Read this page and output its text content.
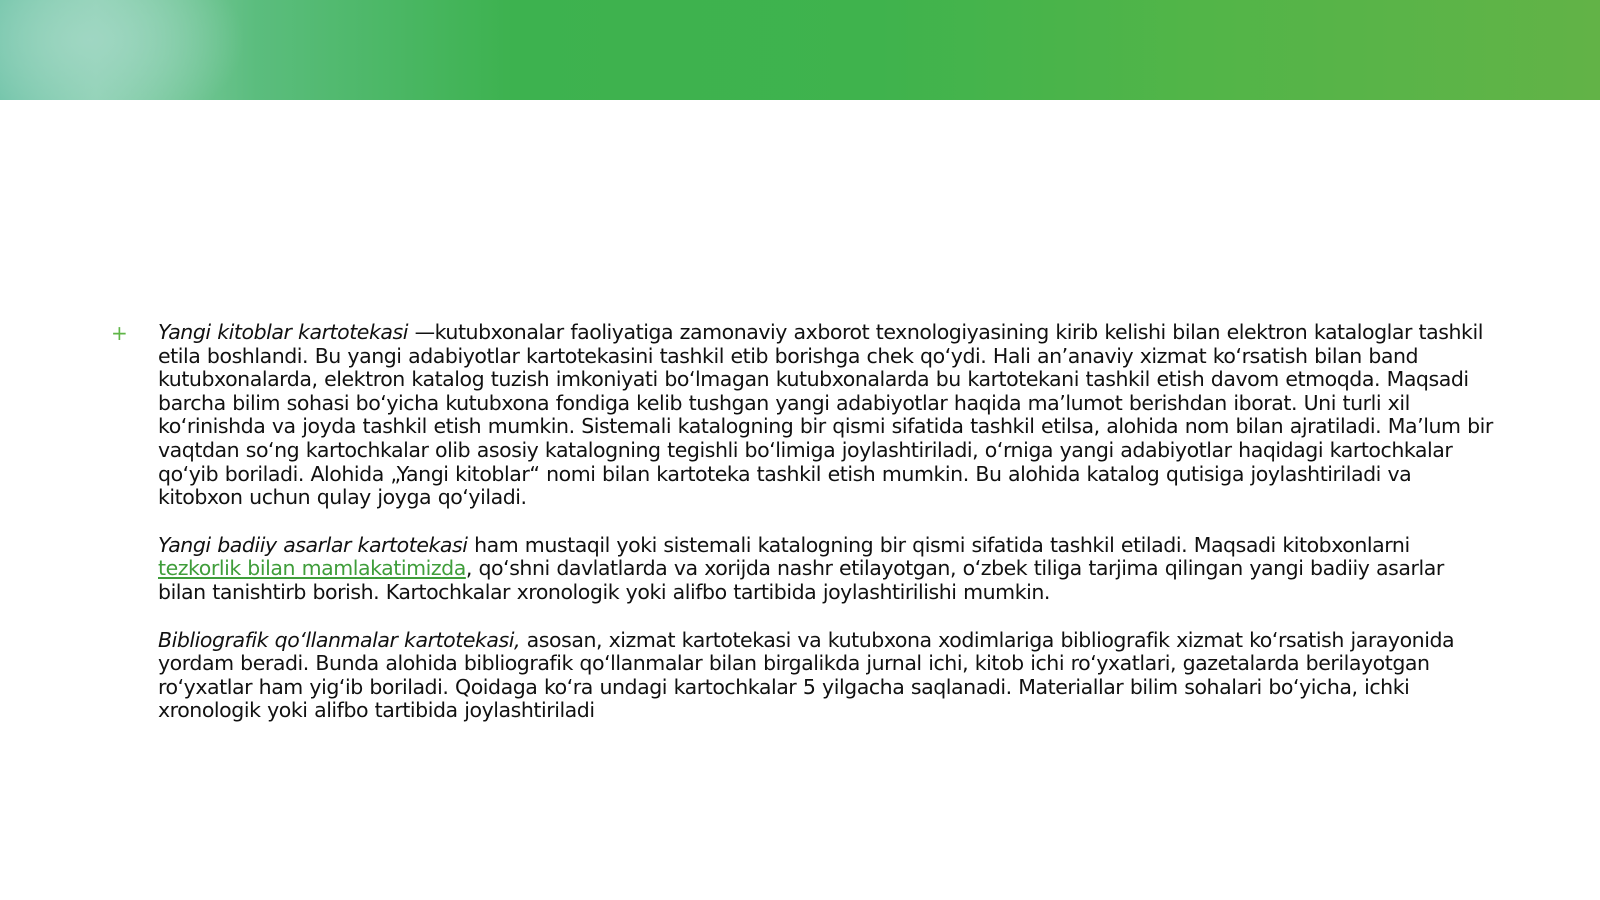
+ Yangi kitoblar kartotekasi —kutubxonalar faoliyatiga zamonaviy axborot texnologiyasining kirib kelishi bilan elektron kataloglar tashkil etila boshlandi. Bu yangi adabiyotlar kartotekasini tashkil etib borishga chek qo‘ydi. Hali an’anaviy xizmat ko‘rsatish bilan band kutubxonalarda, elektron katalog tuzish imkoniyati bo‘lmagan kutubxonalarda bu kartotekani tashkil etish davom etmoqda. Maqsadi barcha bilim sohasi bo‘yicha kutubxona fondiga kelib tushgan yangi adabiyotlar haqida ma’lumot berishdan iborat. Uni turli xil ko‘rinishda va joyda tashkil etish mumkin. Sistemali katalogning bir qismi sifatida tashkil etilsa, alohida nom bilan ajratiladi. Ma’lum bir vaqtdan so‘ng kartochkalar olib asosiy katalogning tegishli bo‘limiga joylashtiriladi, o‘rniga yangi adabiyotlar haqidagi kartochkalar qo‘yib boriladi. Alohida „Yangi kitoblar“ nomi bilan kartoteka tashkil etish mumkin. Bu alohida katalog qutisiga joylashtiriladi va kitobxon uchun qulay joyga qo‘yiladi.

Yangi badiiy asarlar kartotekasi ham mustaqil yoki sistemali katalogning bir qismi sifatida tashkil etiladi. Maqsadi kitobxonlarni tezkorlik bilan mamlakatimizda, qo‘shni davlatlarda va xorijda nashr etilayotgan, o‘zbek tiliga tarjima qilingan yangi badiiy asarlar bilan tanishtirb borish. Kartochkalar xronologik yoki alifbo tartibida joylashtirilishi mumkin.

Bibliografik qo‘llanmalar kartotekasi, asosan, xizmat kartotekasi va kutubxona xodimlariga bibliografik xizmat ko‘rsatish jarayonida yordam beradi. Bunda alohida bibliografik qo‘llanmalar bilan birgalikda jurnal ichi, kitob ichi ro‘yxatlari, gazetalarda berilayotgan ro‘yxatlar ham yig‘ib boriladi. Qoidaga ko‘ra undagi kartochkalar 5 yilgacha saqlanadi. Materiallar bilim sohalari bo‘yicha, ichki xronologik yoki alifbo tartibida joylashtiriladi
